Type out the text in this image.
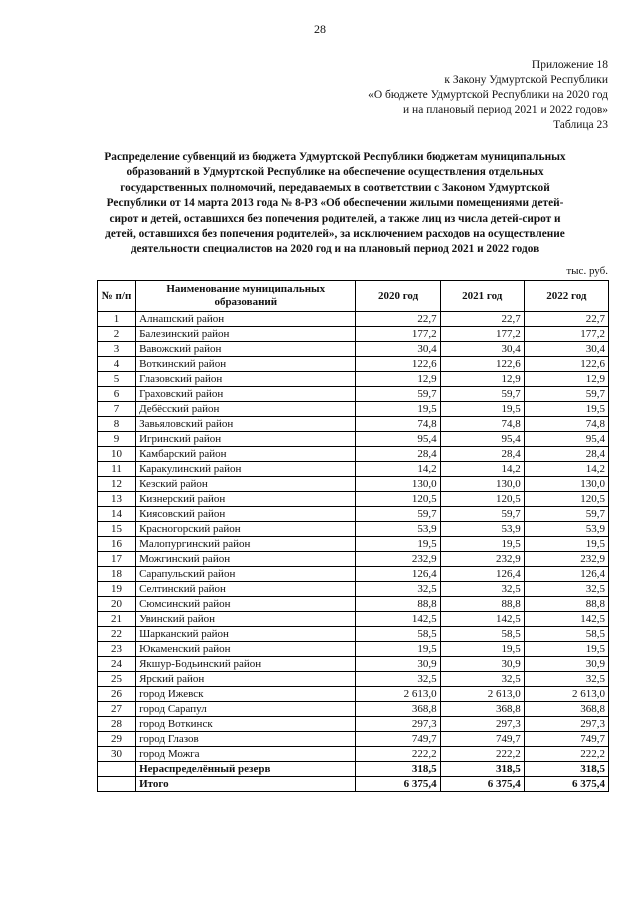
28
Приложение 18
к Закону Удмуртской Республики
«О бюджете Удмуртской Республики на 2020 год
и на плановый период 2021 и 2022 годов»
Таблица 23
Распределение субвенций из бюджета Удмуртской Республики бюджетам муниципальных образований в Удмуртской Республике на обеспечение осуществления отдельных государственных полномочий, передаваемых в соответствии с Законом Удмуртской Республики от 14 марта 2013 года № 8-РЗ «Об обеспечении жилыми помещениями детей-сирот и детей, оставшихся без попечения родителей, а также лиц из числа детей-сирот и детей, оставшихся без попечения родителей», за исключением расходов на осуществление деятельности специалистов на 2020 год и на плановый период 2021 и 2022 годов
тыс. руб.
№ п/п	Наименование муниципальных образований	2020 год	2021 год	2022 год
1	Алнашский район	22,7	22,7	22,7
2	Балезинский район	177,2	177,2	177,2
3	Вавожский район	30,4	30,4	30,4
4	Воткинский район	122,6	122,6	122,6
5	Глазовский район	12,9	12,9	12,9
6	Граховский район	59,7	59,7	59,7
7	Дебёсский район	19,5	19,5	19,5
8	Завьяловский район	74,8	74,8	74,8
9	Игринский район	95,4	95,4	95,4
10	Камбарский район	28,4	28,4	28,4
11	Каракулинский район	14,2	14,2	14,2
12	Кезский район	130,0	130,0	130,0
13	Кизнерский район	120,5	120,5	120,5
14	Киясовский район	59,7	59,7	59,7
15	Красногорский район	53,9	53,9	53,9
16	Малопургинский район	19,5	19,5	19,5
17	Можгинский район	232,9	232,9	232,9
18	Сарапульский район	126,4	126,4	126,4
19	Селтинский район	32,5	32,5	32,5
20	Сюмсинский район	88,8	88,8	88,8
21	Увинский район	142,5	142,5	142,5
22	Шарканский район	58,5	58,5	58,5
23	Юкаменский район	19,5	19,5	19,5
24	Якшур-Бодьинский район	30,9	30,9	30,9
25	Ярский район	32,5	32,5	32,5
26	город Ижевск	2 613,0	2 613,0	2 613,0
27	город Сарапул	368,8	368,8	368,8
28	город Воткинск	297,3	297,3	297,3
29	город Глазов	749,7	749,7	749,7
30	город Можга	222,2	222,2	222,2
	Нераспределённый резерв	318,5	318,5	318,5
	Итого	6 375,4	6 375,4	6 375,4
